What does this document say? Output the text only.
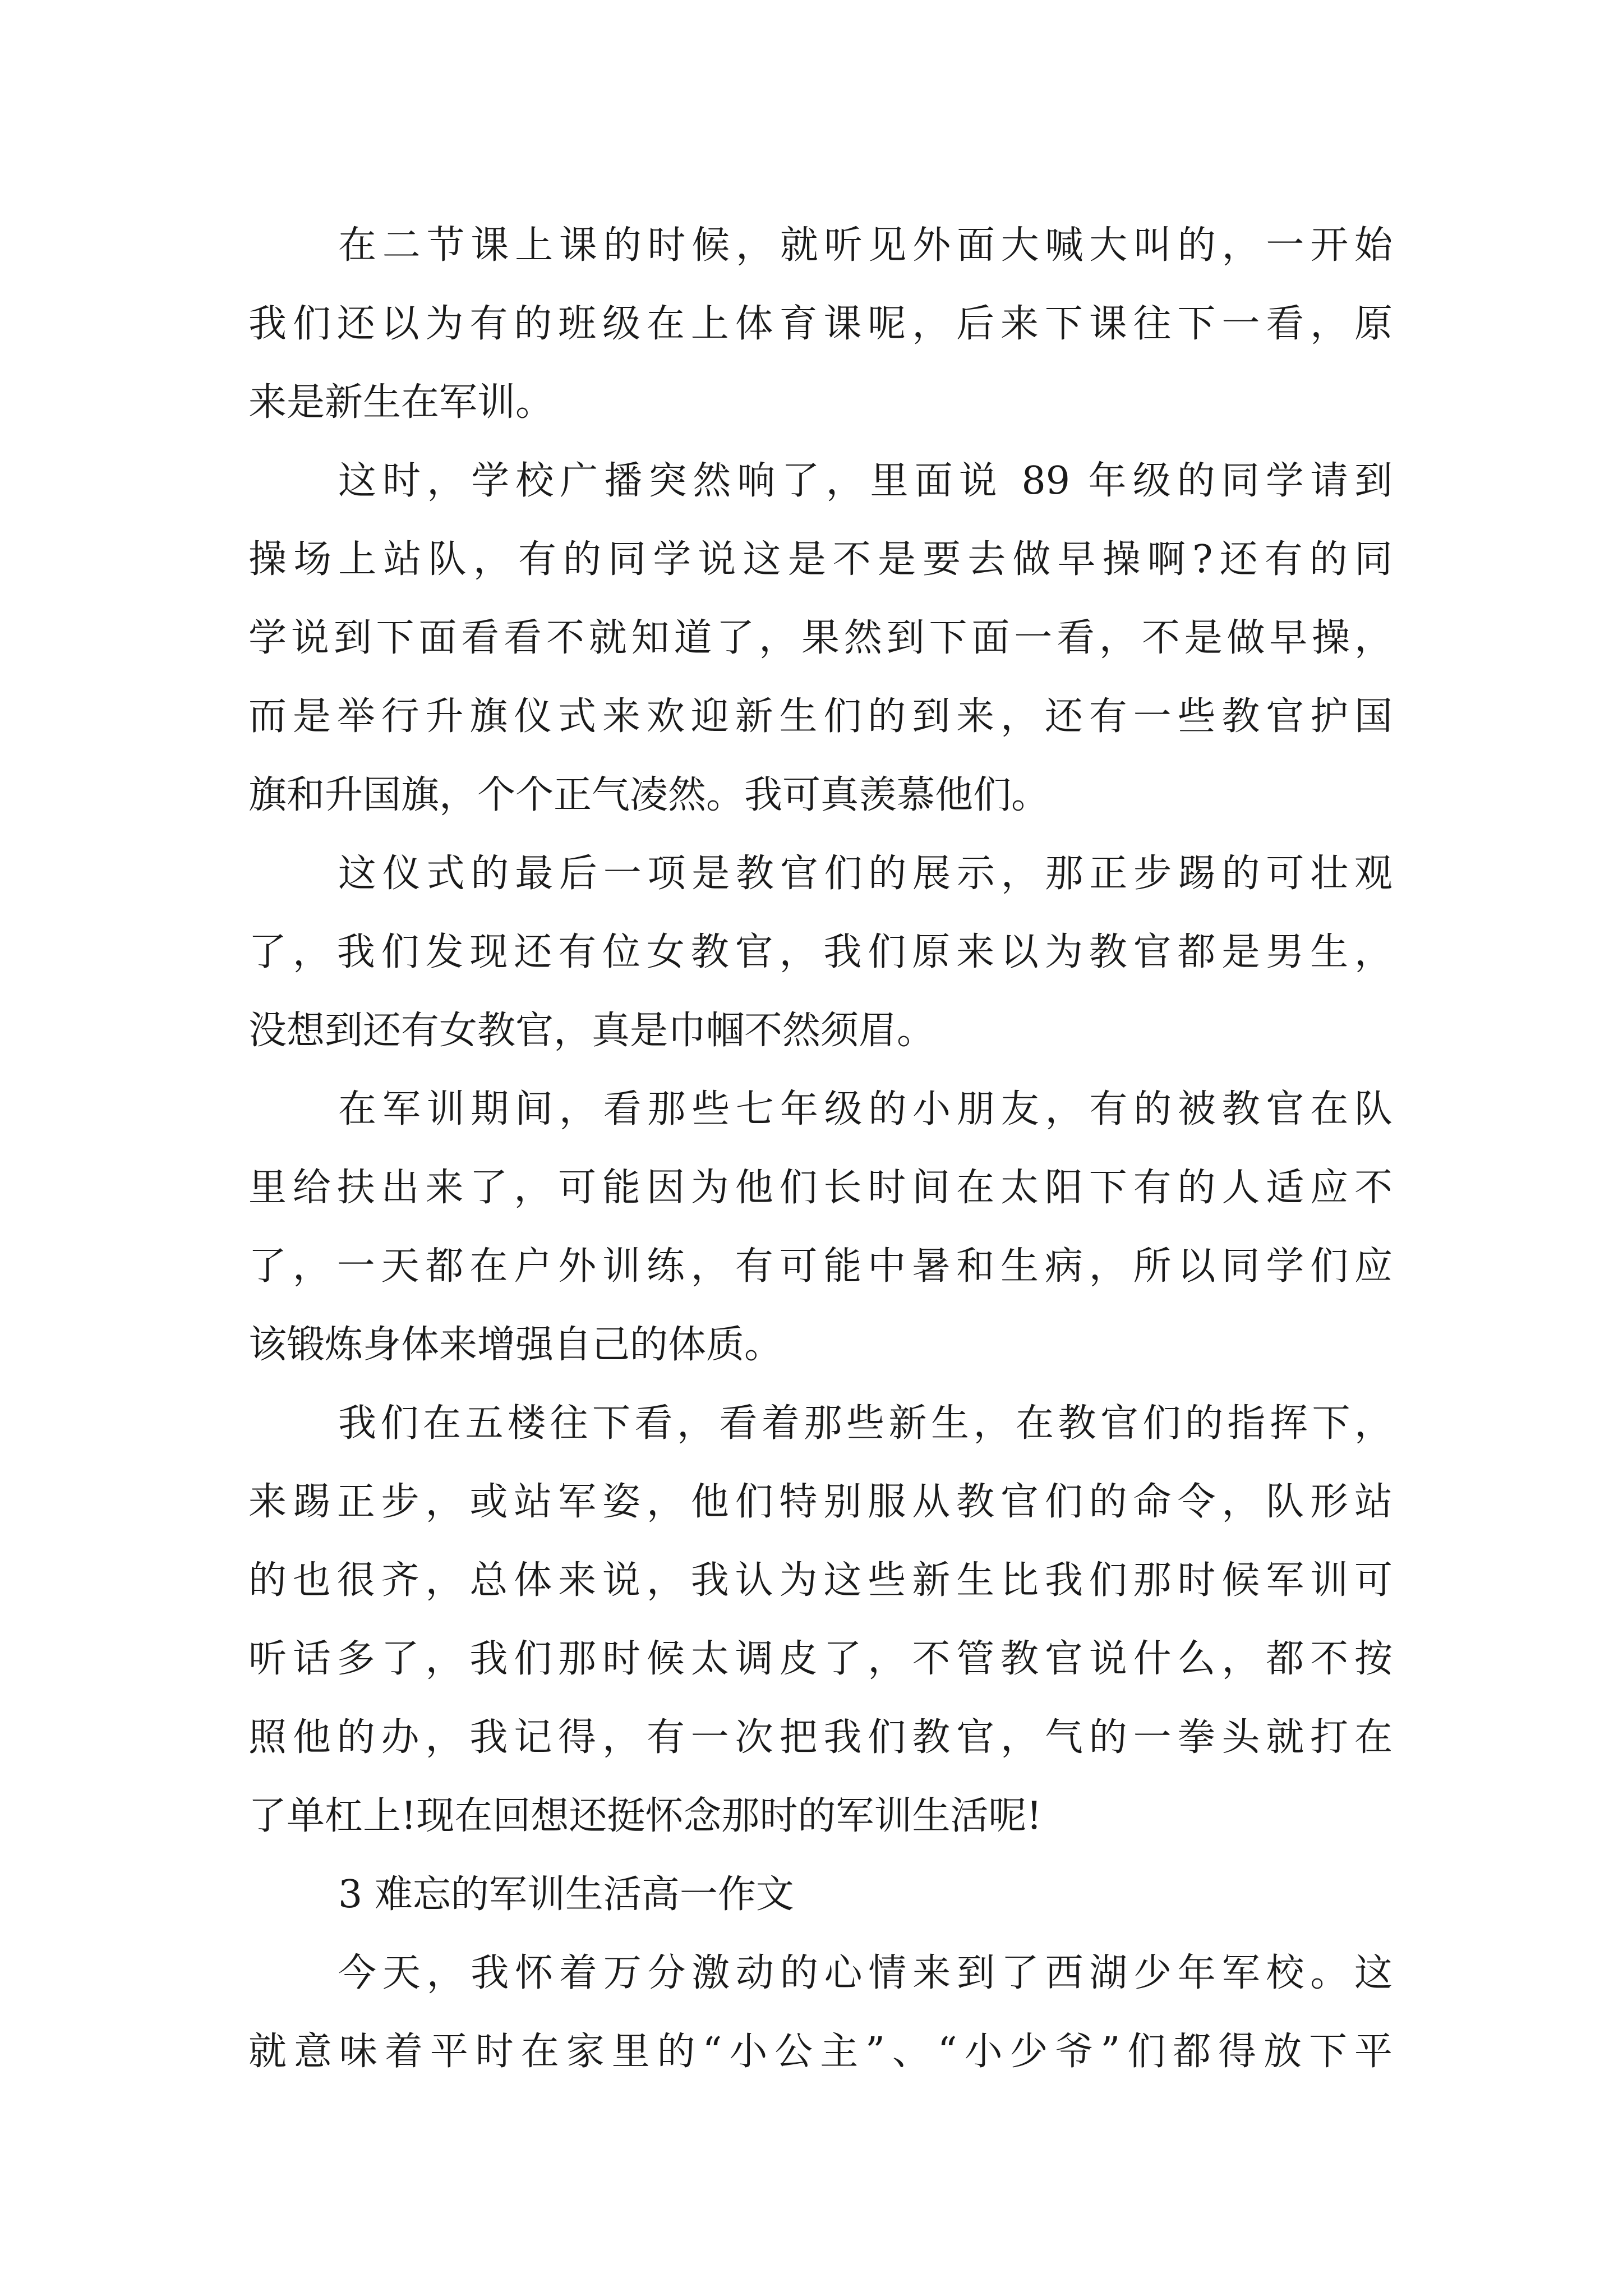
在二节课上课的时候，就听见外面大喊大叫的，一开始
我们还以为有的班级在上体育课呢，后来下课往下一看，原
来是新生在军训。
这时，学校广播突然响了，里面说 89 年级的同学请到
操场上站队，有的同学说这是不是要去做早操啊?还有的同
学说到下面看看不就知道了，果然到下面一看，不是做早操，
而是举行升旗仪式来欢迎新生们的到来，还有一些教官护国
旗和升国旗，个个正气凌然。我可真羡慕他们。
这仪式的最后一项是教官们的展示，那正步踢的可壮观
了，我们发现还有位女教官，我们原来以为教官都是男生，
没想到还有女教官，真是巾帼不然须眉。
在军训期间，看那些七年级的小朋友，有的被教官在队
里给扶出来了，可能因为他们长时间在太阳下有的人适应不
了，一天都在户外训练，有可能中暑和生病，所以同学们应
该锻炼身体来增强自己的体质。
我们在五楼往下看，看着那些新生，在教官们的指挥下，
来踢正步，或站军姿，他们特别服从教官们的命令，队形站
的也很齐，总体来说，我认为这些新生比我们那时候军训可
听话多了，我们那时候太调皮了，不管教官说什么，都不按
照他的办，我记得，有一次把我们教官，气的一拳头就打在
了单杠上!现在回想还挺怀念那时的军训生活呢!
3 难忘的军训生活高一作文
今天，我怀着万分激动的心情来到了西湖少年军校。这
就意味着平时在家里的“小公主”、“小少爷”们都得放下平
